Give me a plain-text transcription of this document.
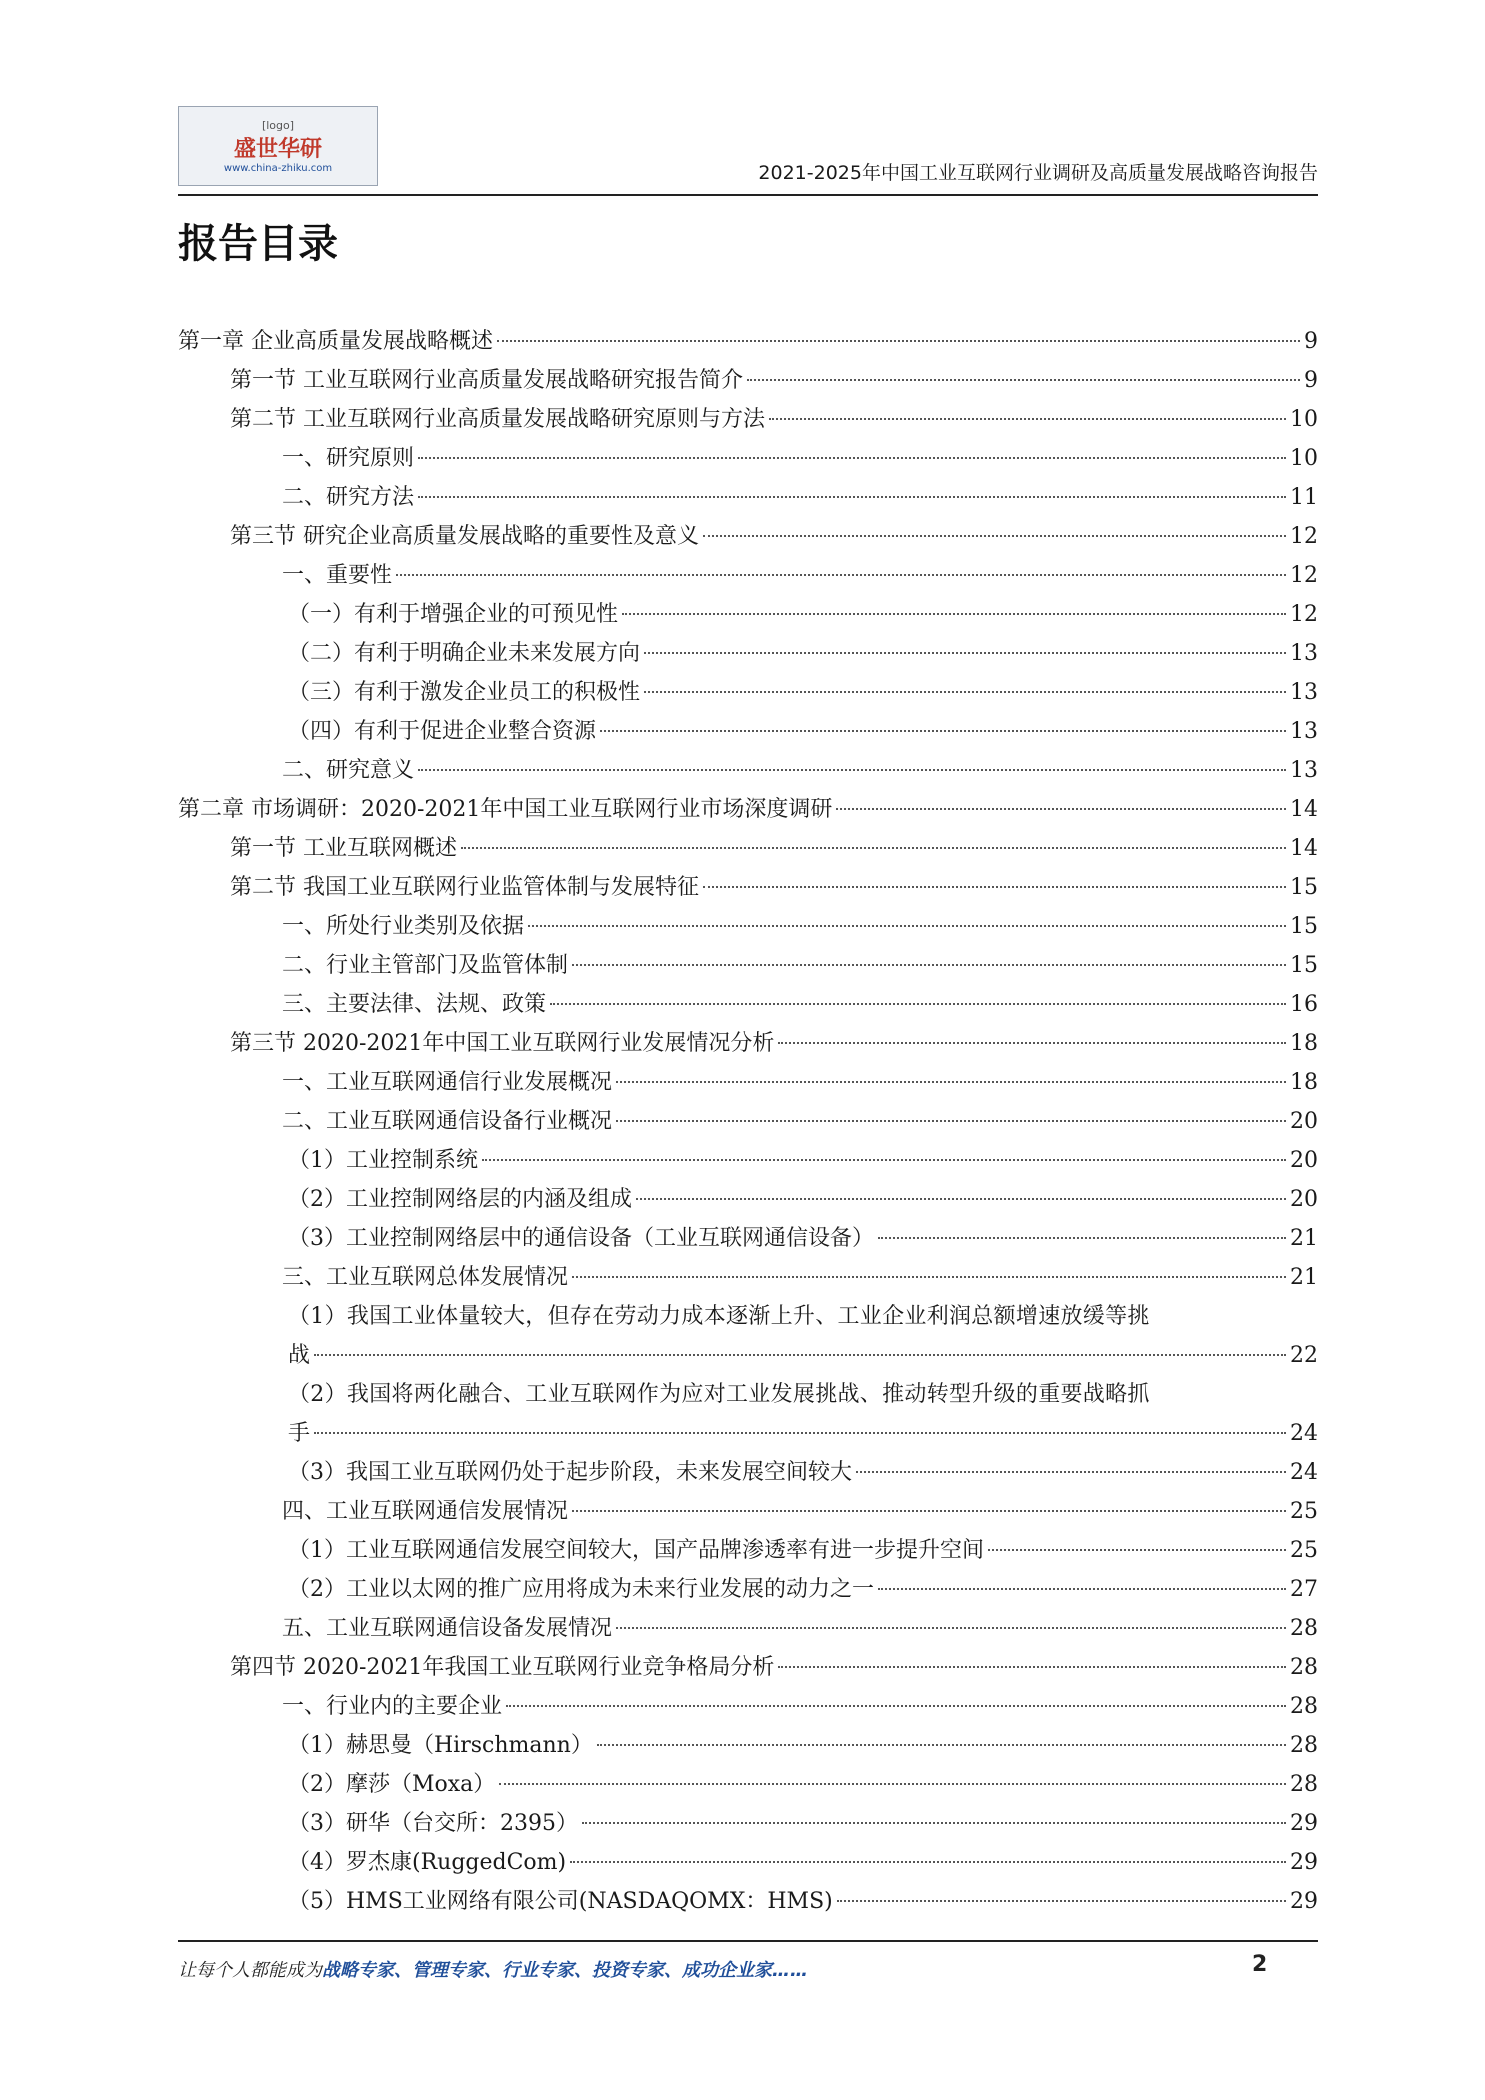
[logo]
盛世华研
www.china-zhiku.com	2021-2025年中国工业互联网行业调研及高质量发展战略咨询报告
报告目录
第一章 企业高质量发展战略概述	9
第一节 工业互联网行业高质量发展战略研究报告简介	9
第二节 工业互联网行业高质量发展战略研究原则与方法	10
一、研究原则	10
二、研究方法	11
第三节 研究企业高质量发展战略的重要性及意义	12
一、重要性	12
（一）有利于增强企业的可预见性	12
（二）有利于明确企业未来发展方向	13
（三）有利于激发企业员工的积极性	13
（四）有利于促进企业整合资源	13
二、研究意义	13
第二章 市场调研：2020-2021年中国工业互联网行业市场深度调研	14
第一节 工业互联网概述	14
第二节 我国工业互联网行业监管体制与发展特征	15
一、所处行业类别及依据	15
二、行业主管部门及监管体制	15
三、主要法律、法规、政策	16
第三节 2020-2021年中国工业互联网行业发展情况分析	18
一、工业互联网通信行业发展概况	18
二、工业互联网通信设备行业概况	20
（1）工业控制系统	20
（2）工业控制网络层的内涵及组成	20
（3）工业控制网络层中的通信设备（工业互联网通信设备）	21
三、工业互联网总体发展情况	21
（1）我国工业体量较大，但存在劳动力成本逐渐上升、工业企业利润总额增速放缓等挑
战	22
（2）我国将两化融合、工业互联网作为应对工业发展挑战、推动转型升级的重要战略抓
手	24
（3）我国工业互联网仍处于起步阶段，未来发展空间较大	24
四、工业互联网通信发展情况	25
（1）工业互联网通信发展空间较大，国产品牌渗透率有进一步提升空间	25
（2）工业以太网的推广应用将成为未来行业发展的动力之一	27
五、工业互联网通信设备发展情况	28
第四节 2020-2021年我国工业互联网行业竞争格局分析	28
一、行业内的主要企业	28
（1）赫思曼（Hirschmann）	28
（2）摩莎（Moxa）	28
（3）研华（台交所：2395）	29
（4）罗杰康(RuggedCom)	29
（5）HMS工业网络有限公司(NASDAQOMX：HMS)	29
让每个人都能成为战略专家、管理专家、行业专家、投资专家、成功企业家……	2
